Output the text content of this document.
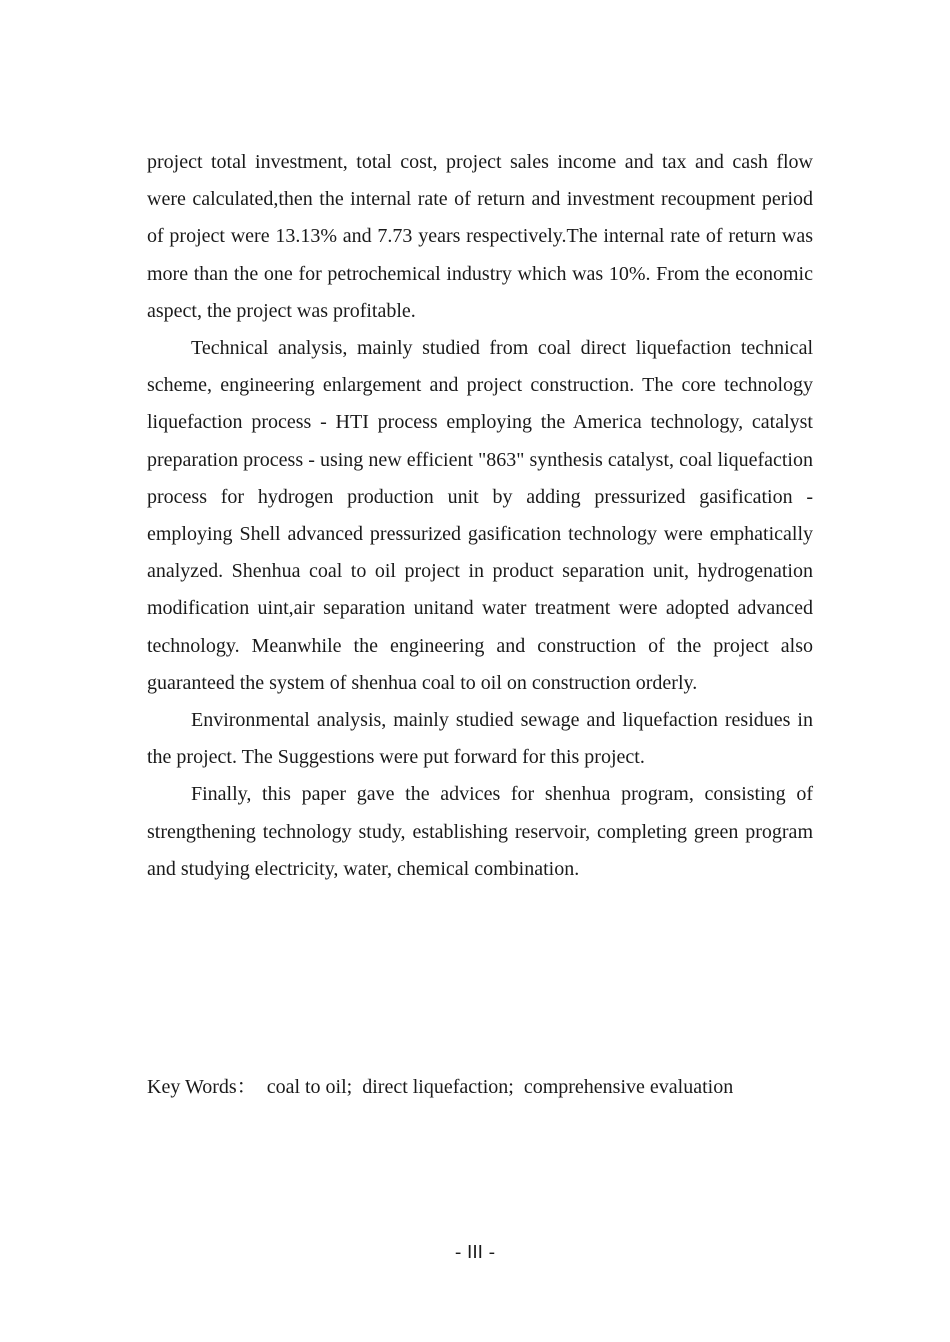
project total investment, total cost, project sales income and tax and cash flow were calculated,then the internal rate of return and investment recoupment period of project were 13.13% and 7.73 years respectively.The internal rate of return was more than the one for petrochemical industry which was 10%. From the economic aspect, the project was profitable.

Technical analysis, mainly studied from coal direct liquefaction technical scheme, engineering enlargement and project construction. The core technology liquefaction process - HTI process employing the America technology, catalyst preparation process - using new efficient "863" synthesis catalyst, coal liquefaction process for hydrogen production unit by adding pressurized gasification - employing Shell advanced pressurized gasification technology were emphatically analyzed. Shenhua coal to oil project in product separation unit, hydrogenation modification uint,air separation unitand water treatment were adopted advanced technology. Meanwhile the engineering and construction of the project also guaranteed the system of shenhua coal to oil on construction orderly.

Environmental analysis, mainly studied sewage and liquefaction residues in the project. The Suggestions were put forward for this project.

Finally, this paper gave the advices for shenhua program, consisting of strengthening technology study, establishing reservoir, completing green program and studying electricity, water, chemical combination.

Key Words： coal to oil;  direct liquefaction;  comprehensive evaluation
- III -
